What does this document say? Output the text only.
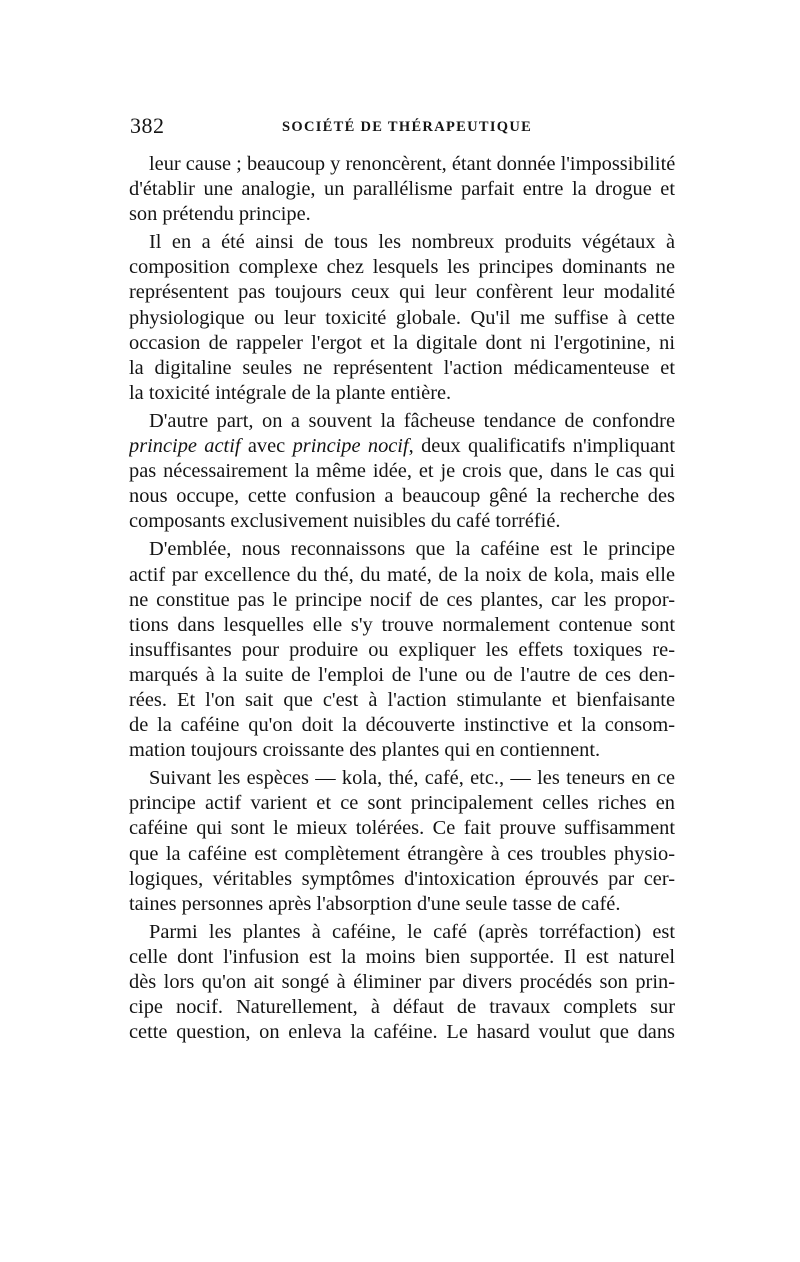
382	SOCIÉTÉ DE THÉRAPEUTIQUE
leur cause ; beaucoup y renoncèrent, étant donnée l'impossibilité
d'établir une analogie, un parallélisme parfait entre la drogue et
son prétendu principe.
Il en a été ainsi de tous les nombreux produits végétaux à
composition complexe chez lesquels les principes dominants ne
représentent pas toujours ceux qui leur confèrent leur modalité
physiologique ou leur toxicité globale. Qu'il me suffise à cette
occasion de rappeler l'ergot et la digitale dont ni l'ergotinine, ni
la digitaline seules ne représentent l'action médicamenteuse et
la toxicité intégrale de la plante entière.
D'autre part, on a souvent la fâcheuse tendance de confondre
principe actif avec principe nocif, deux qualificatifs n'impliquant
pas nécessairement la même idée, et je crois que, dans le cas qui
nous occupe, cette confusion a beaucoup gêné la recherche des
composants exclusivement nuisibles du café torréfié.
D'emblée, nous reconnaissons que la caféine est le principe
actif par excellence du thé, du maté, de la noix de kola, mais elle
ne constitue pas le principe nocif de ces plantes, car les propor-
tions dans lesquelles elle s'y trouve normalement contenue sont
insuffisantes pour produire ou expliquer les effets toxiques re-
marqués à la suite de l'emploi de l'une ou de l'autre de ces den-
rées. Et l'on sait que c'est à l'action stimulante et bienfaisante
de la caféine qu'on doit la découverte instinctive et la consom-
mation toujours croissante des plantes qui en contiennent.
Suivant les espèces — kola, thé, café, etc., — les teneurs en ce
principe actif varient et ce sont principalement celles riches en
caféine qui sont le mieux tolérées. Ce fait prouve suffisamment
que la caféine est complètement étrangère à ces troubles physio-
logiques, véritables symptômes d'intoxication éprouvés par cer-
taines personnes après l'absorption d'une seule tasse de café.
Parmi les plantes à caféine, le café (après torréfaction) est
celle dont l'infusion est la moins bien supportée. Il est naturel
dès lors qu'on ait songé à éliminer par divers procédés son prin-
cipe nocif. Naturellement, à défaut de travaux complets sur
cette question, on enleva la caféine. Le hasard voulut que dans
